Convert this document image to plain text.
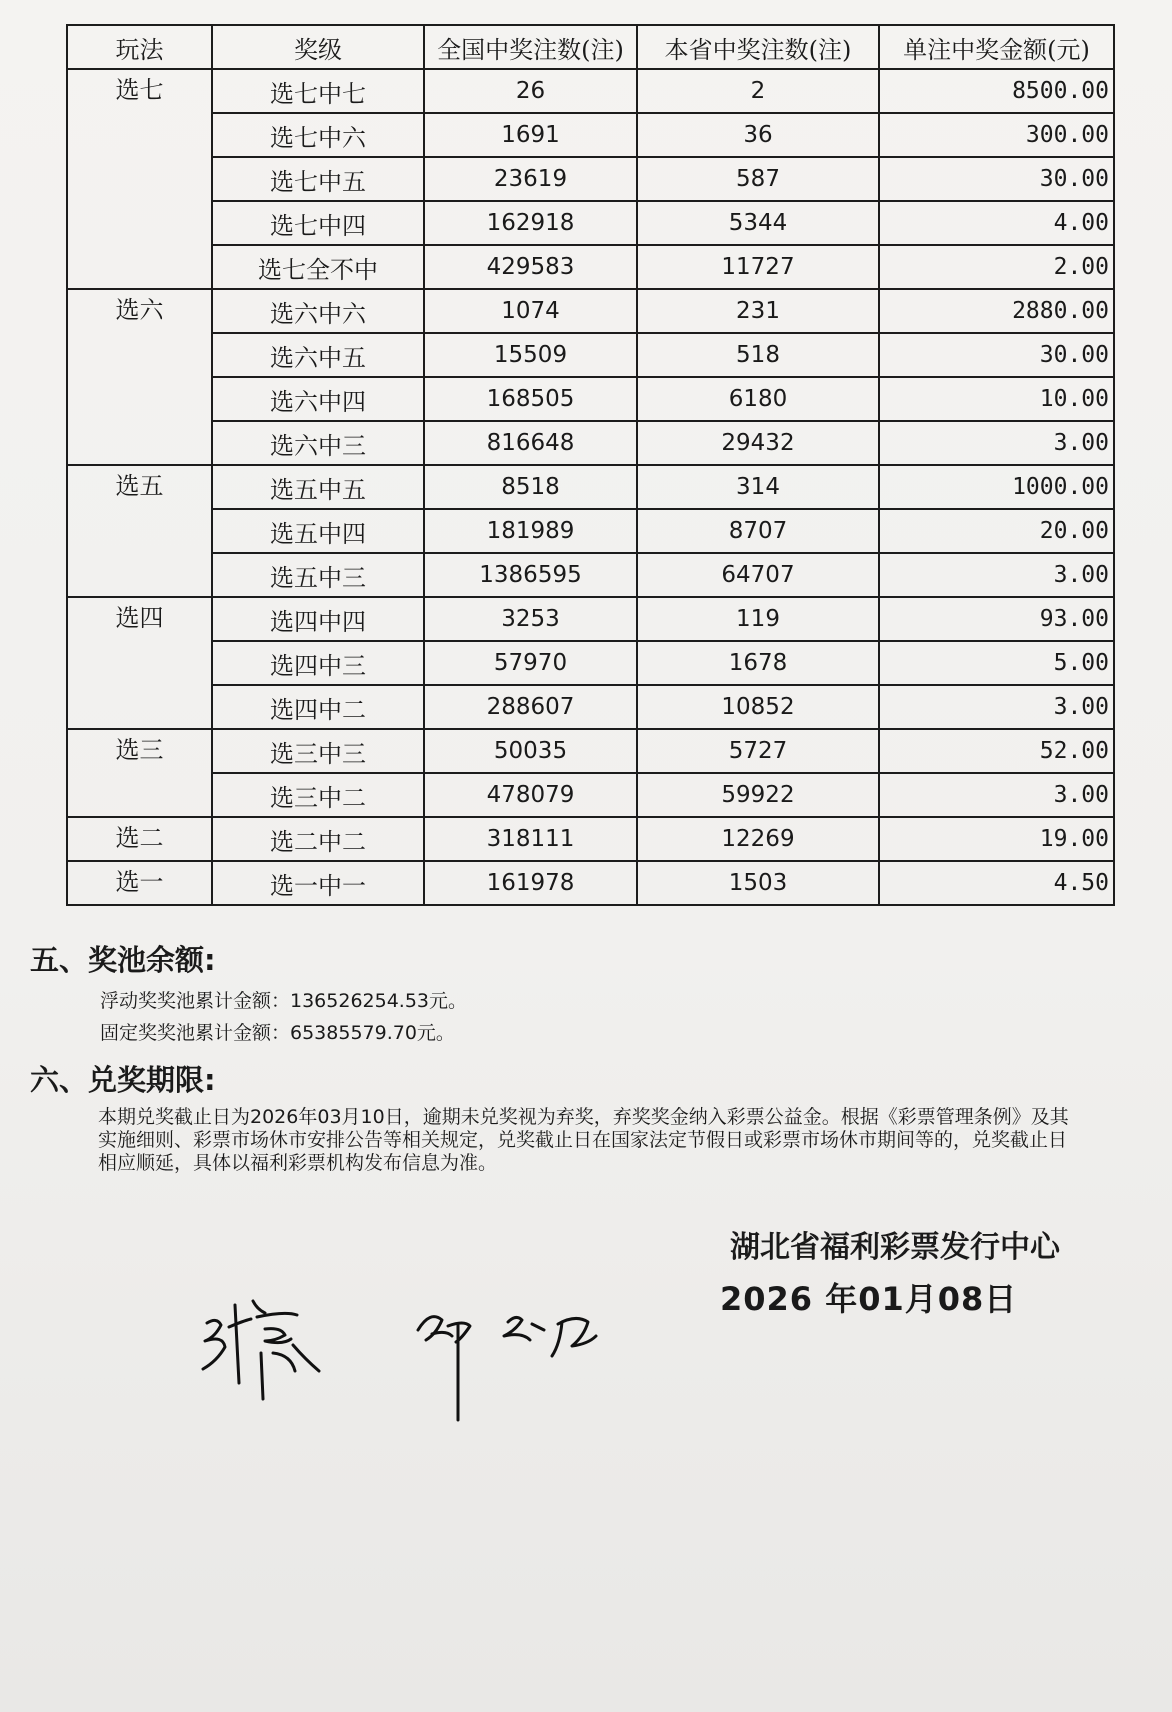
玩法	奖级	全国中奖注数(注)	本省中奖注数(注)	单注中奖金额(元)
选七	选七中七	26	2	8500.00
	选七中六	1691	36	300.00
	选七中五	23619	587	30.00
	选七中四	162918	5344	4.00
	选七全不中	429583	11727	2.00
选六	选六中六	1074	231	2880.00
	选六中五	15509	518	30.00
	选六中四	168505	6180	10.00
	选六中三	816648	29432	3.00
选五	选五中五	8518	314	1000.00
	选五中四	181989	8707	20.00
	选五中三	1386595	64707	3.00
选四	选四中四	3253	119	93.00
	选四中三	57970	1678	5.00
	选四中二	288607	10852	3.00
选三	选三中三	50035	5727	52.00
	选三中二	478079	59922	3.00
选二	选二中二	318111	12269	19.00
选一	选一中一	161978	1503	4.50
五、奖池余额:
浮动奖奖池累计金额：136526254.53元。
固定奖奖池累计金额：65385579.70元。
六、兑奖期限:
本期兑奖截止日为2026年03月10日，逾期未兑奖视为弃奖，弃奖奖金纳入彩票公益金。根据《彩票管理条例》及其实施细则、彩票市场休市安排公告等相关规定，兑奖截止日在国家法定节假日或彩票市场休市期间等的，兑奖截止日相应顺延，具体以福利彩票机构发布信息为准。
湖北省福利彩票发行中心
2026 年01月08日
